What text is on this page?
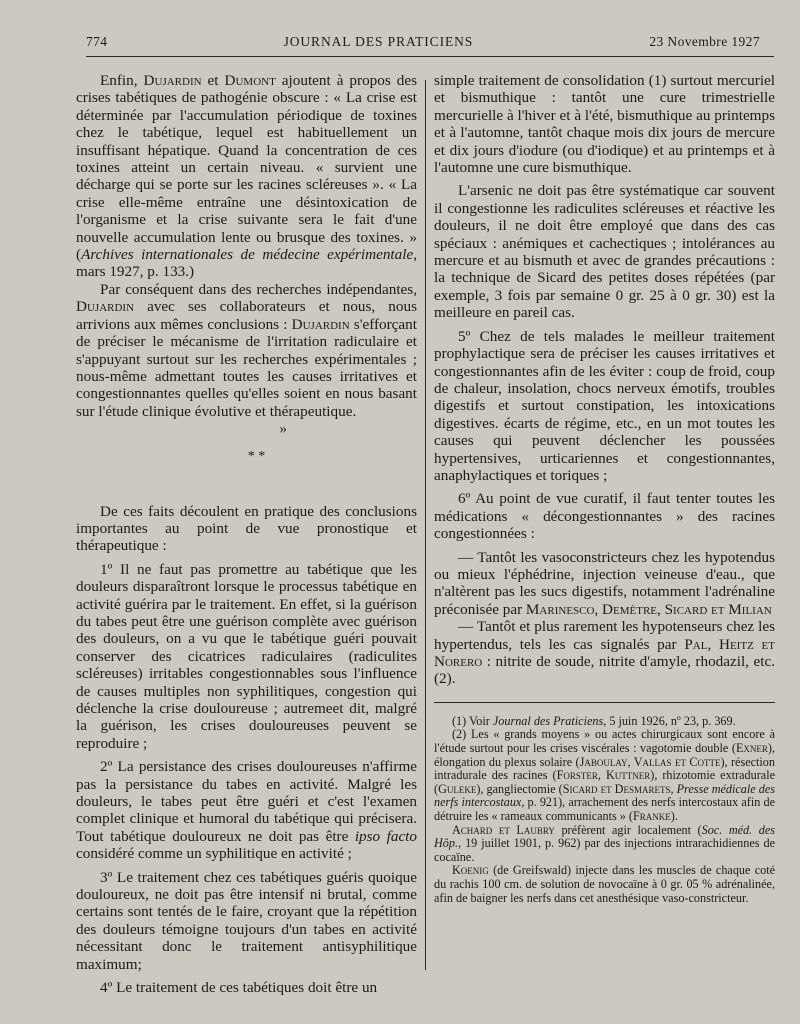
774	JOURNAL DES PRATICIENS	23 Novembre 1927

Enfin, Dujardin et Dumont ajoutent à propos des crises tabétiques de pathogénie obscure : « La crise est déterminée par l'accumulation périodique de toxines chez le tabétique, lequel est habituellement un insuffisant hépatique. Quand la concentration de ces toxines atteint un certain niveau. « survient une décharge qui se porte sur les racines scléreuses ». « La crise elle-même entraîne une désintoxication de l'organisme et la crise suivante sera le fait d'une nouvelle accumulation lente ou brusque des toxines. » (Archives internationales de médecine expérimentale, mars 1927, p. 133.)

Par conséquent dans des recherches indépendantes, Dujardin avec ses collaborateurs et nous, nous arrivions aux mêmes conclusions : Dujardin s'efforçant de préciser le mécanisme de l'irritation radiculaire et s'appuyant surtout sur les recherches expérimentales ; nous-même admettant toutes les causes irritatives et congestionnantes quelles qu'elles soient en nous basant sur l'étude clinique évolutive et thérapeutique.

»

* *

De ces faits découlent en pratique des conclusions importantes au point de vue pronostique et thérapeutique :

1º Il ne faut pas promettre au tabétique que les douleurs disparaîtront lorsque le processus tabétique en activité guérira par le traitement. En effet, si la guérison du tabes peut être une guérison complète avec guérison des douleurs, on a vu que le tabétique guéri pouvait conserver des cicatrices radiculaires (radiculites scléreuses) irritables congestionnables sous l'influence de causes multiples non syphilitiques, congestion qui déclenche la crise douloureuse ; autremeet dit, malgré la guérison, les crises douloureuses peuvent se reproduire ;

2º La persistance des crises douloureuses n'affirme pas la persistance du tabes en activité. Malgré les douleurs, le tabes peut être guéri et c'est l'examen complet clinique et humoral du tabétique qui précisera. Tout tabétique douloureux ne doit pas être ipso facto considéré comme un syphilitique en activité ;

3º Le traitement chez ces tabétiques guéris quoique douloureux, ne doit pas être intensif ni brutal, comme certains sont tentés de le faire, croyant que la répétition des douleurs témoigne toujours d'un tabes en activité nécessitant donc le traitement antisyphilitique maximum;

4º Le traitement de ces tabétiques doit être un

simple traitement de consolidation (1) surtout mercuriel et bismuthique : tantôt une cure trimestrielle mercurielle à l'hiver et à l'été, bismuthique au printemps et à l'automne, tantôt chaque mois dix jours de mercure et dix jours d'iodure (ou d'iodique) et au printemps et à l'automne une cure bismuthique.

L'arsenic ne doit pas être systématique car souvent il congestionne les radiculites scléreuses et réactive les douleurs, il ne doit être employé que dans des cas spéciaux : anémiques et cachectiques ; intolérances au mercure et au bismuth et avec de grandes précautions : la technique de Sicard des petites doses répétées (par exemple, 3 fois par semaine 0 gr. 25 à 0 gr. 30) est la meilleure en pareil cas.

5º Chez de tels malades le meilleur traitement prophylactique sera de préciser les causes irritatives et congestionnantes afin de les éviter : coup de froid, coup de chaleur, insolation, chocs nerveux émotifs, troubles digestifs et surtout constipation, les intoxications digestives. écarts de régime, etc., en un mot toutes les causes qui peuvent déclencher les poussées hypertensives, urticariennes et congestionnantes, anaphylactiques et toriques ;

6º Au point de vue curatif, il faut tenter toutes les médications « décongestionnantes » des racines congestionnées :

— Tantôt les vasoconstricteurs chez les hypotendus ou mieux l'éphédrine, injection veineuse d'eau., que n'altèrent pas les sucs digestifs, notamment l'adrénaline préconisée par Marinesco, Demètre, Sicard et Milian

— Tantôt et plus rarement les hypotenseurs chez les hypertendus, tels les cas signalés par Pal, Heitz et Norero : nitrite de soude, nitrite d'amyle, rhodazil, etc. (2).

(1) Voir Journal des Praticiens, 5 juin 1926, nº 23, p. 369.

(2) Les « grands moyens » ou actes chirurgicaux sont encore à l'étude surtout pour les crises viscérales : vagotomie double (Exner), élongation du plexus solaire (Jaboulay, Vallas et Cotte), résection intradurale des racines (Forster, Kuttner), rhizotomie extradurale (Guleke), gangliectomie (Sicard et Desmarets, Presse médicale des nerfs intercostaux, p. 921), arrachement des nerfs intercostaux afin de détruire les « rameaux communicants » (Franke).

Achard et Laubry préfèrent agir localement (Soc. méd. des Hôp., 19 juillet 1901, p. 962) par des injections intrarachidiennes de cocaïne.

Koenig (de Greifswald) injecte dans les muscles de chaque coté du rachis 100 cm. de solution de novocaïne à 0 gr. 05 % adrénalinée, afin de baigner les nerfs dans cet anesthésique vaso-constricteur.
